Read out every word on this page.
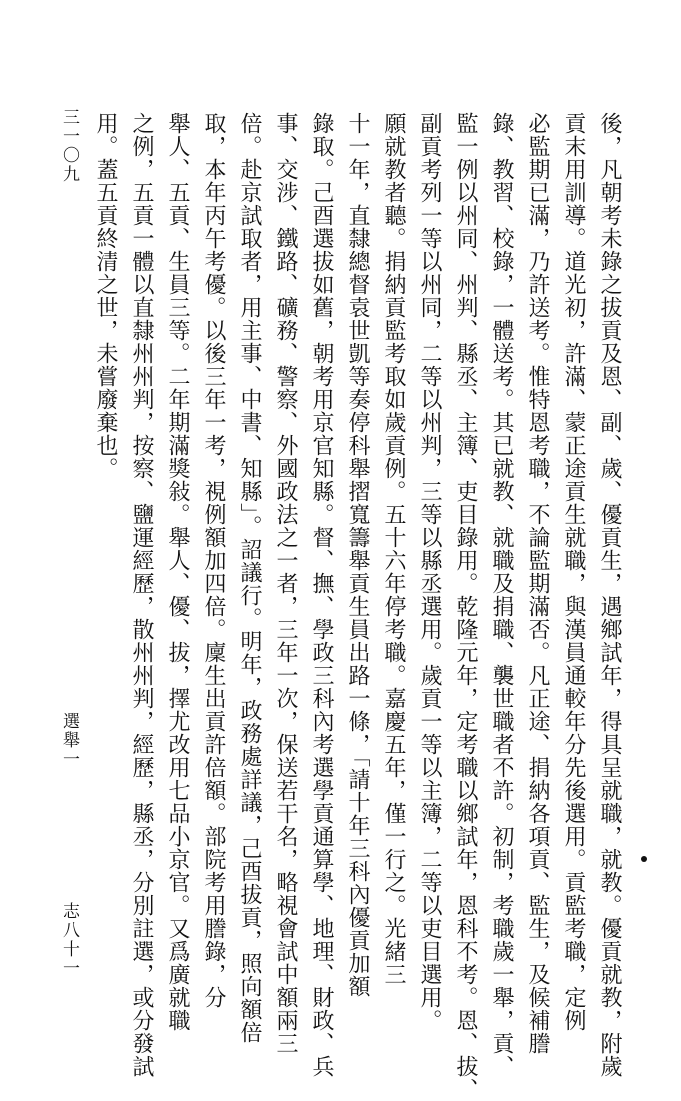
後，凡朝考未錄之拔貢及恩、副、歲、優貢生，遇鄉試年，得具呈就職，就教。優貢就教，附歲
貢末用訓導。道光初，許滿、蒙正途貢生就職，與漢員通較年分先後選用。貢監考職，定例
必監期已滿，乃許送考。惟特恩考職，不論監期滿否。凡正途、捐納各項貢、監生，及候補謄
錄、教習、校錄，一體送考。其已就教、就職及捐職、襲世職者不許。初制，考職歲一舉，貢、
監一例以州同、州判、縣丞、主簿、吏目錄用。乾隆元年，定考職以鄉試年，恩科不考。恩、拔、
副貢考列一等以州同，二等以州判，三等以縣丞選用。歲貢一等以主簿，二等以吏目選用。
願就教者聽。捐納貢監考取如歲貢例。五十六年停考職。嘉慶五年，僅一行之。光緒三
十一年，直隸總督袁世凱等奏停科舉摺寬籌舉貢生員出路一條，「請十年三科內優貢加額
錄取。己酉選拔如舊，朝考用京官知縣。督、撫、學政三科內考選學貢通算學、地理、財政、兵
事、交涉、鐵路、礦務、警察、外國政法之一者，三年一次，保送若干名，略視會試中額兩三
倍。赴京試取者，用主事、中書、知縣」。詔議行。明年，政務處詳議，己酉拔貢，照向額倍
取，本年丙午考優。以後三年一考，視例額加四倍。廩生出貢許倍額。部院考用謄錄，分
舉人、五貢、生員三等。二年期滿獎敍。舉人、優、拔，擇尤改用七品小京官。又爲廣就職
之例，五貢一體以直隸州州判，按察、鹽運經歷，散州州判，經歷，縣丞，分別註選，或分發試
用。蓋五貢終清之世，未嘗廢棄也。
志八十一
選舉一
三一〇九
